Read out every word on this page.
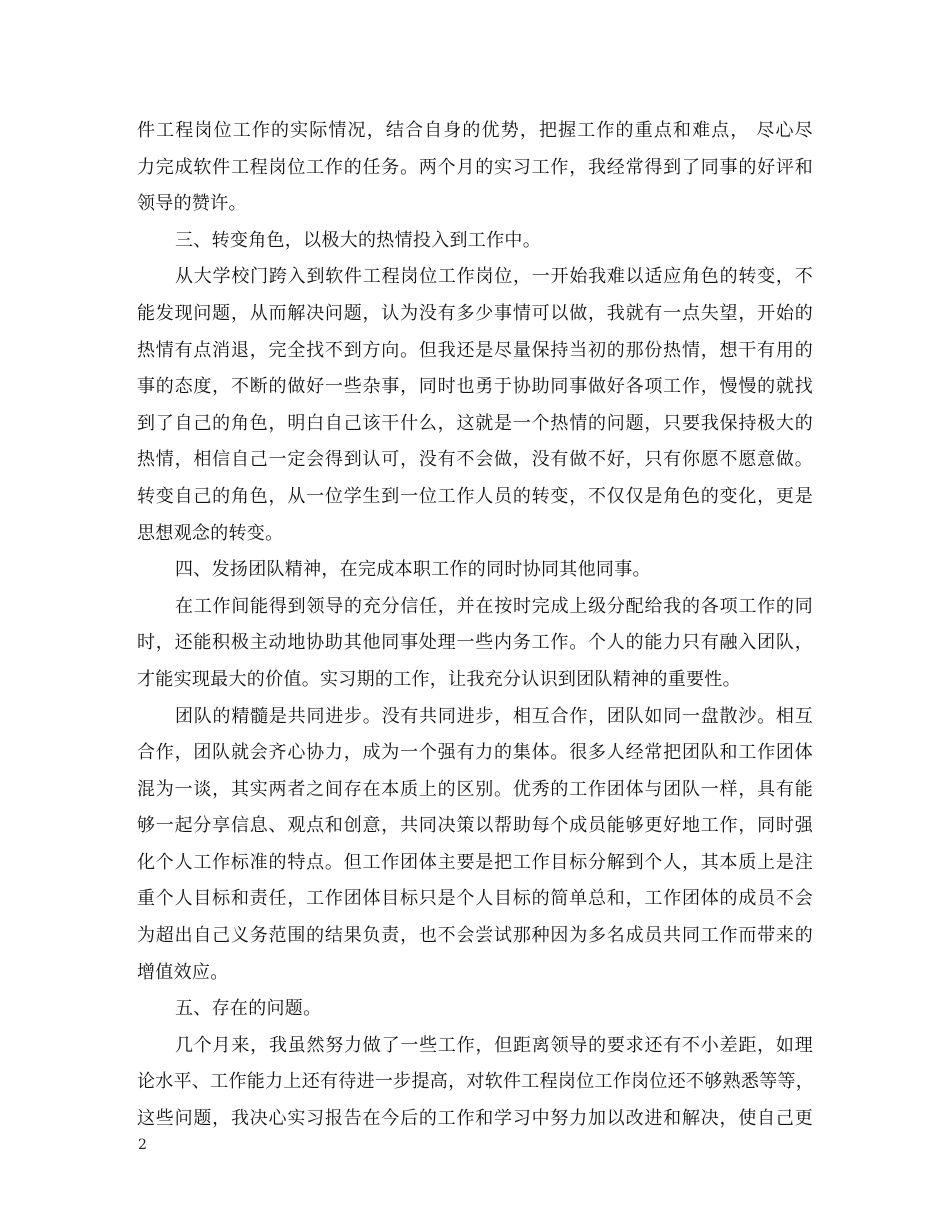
件工程岗位工作的实际情况，结合自身的优势，把握工作的重点和难点， 尽心尽
力完成软件工程岗位工作的任务。两个月的实习工作，我经常得到了同事的好评和
领导的赞许。
三、转变角色，以极大的热情投入到工作中。
从大学校门跨入到软件工程岗位工作岗位，一开始我难以适应角色的转变，不
能发现问题，从而解决问题，认为没有多少事情可以做，我就有一点失望，开始的
热情有点消退，完全找不到方向。但我还是尽量保持当初的那份热情，想干有用的
事的态度，不断的做好一些杂事，同时也勇于协助同事做好各项工作，慢慢的就找
到了自己的角色，明白自己该干什么，这就是一个热情的问题，只要我保持极大的
热情，相信自己一定会得到认可，没有不会做，没有做不好，只有你愿不愿意做。
转变自己的角色，从一位学生到一位工作人员的转变，不仅仅是角色的变化，更是
思想观念的转变。
四、发扬团队精神，在完成本职工作的同时协同其他同事。
在工作间能得到领导的充分信任，并在按时完成上级分配给我的各项工作的同
时，还能积极主动地协助其他同事处理一些内务工作。个人的能力只有融入团队，
才能实现最大的价值。实习期的工作，让我充分认识到团队精神的重要性。
团队的精髓是共同进步。没有共同进步，相互合作，团队如同一盘散沙。相互
合作，团队就会齐心协力，成为一个强有力的集体。很多人经常把团队和工作团体
混为一谈，其实两者之间存在本质上的区别。优秀的工作团体与团队一样，具有能
够一起分享信息、观点和创意，共同决策以帮助每个成员能够更好地工作，同时强
化个人工作标准的特点。但工作团体主要是把工作目标分解到个人，其本质上是注
重个人目标和责任，工作团体目标只是个人目标的简单总和，工作团体的成员不会
为超出自己义务范围的结果负责，也不会尝试那种因为多名成员共同工作而带来的
增值效应。
五、存在的问题。
几个月来，我虽然努力做了一些工作，但距离领导的要求还有不小差距，如理
论水平、工作能力上还有待进一步提高，对软件工程岗位工作岗位还不够熟悉等等，
这些问题，我决心实习报告在今后的工作和学习中努力加以改进和解决，使自己更
2
